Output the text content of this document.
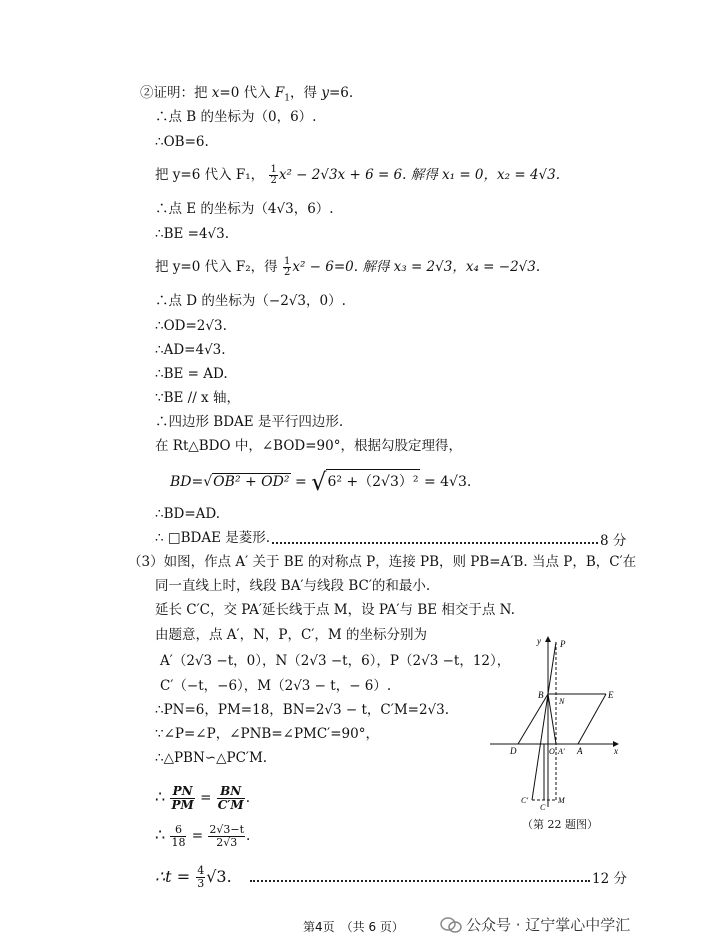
②证明：把 x=0 代入 $F_1$，得 y=6.
∴点 B 的坐标为（0，6）.
∴OB=6.
把 y=6 代入 F₁， $\frac{1}{2} x^2 - 2√3x + 6 = 6$. 解得 x₁ = 0，x₂ = 4√3.
∴点 E 的坐标为（4√3，6）.
∴BE =4√3.
把 y=0 代入 F₂，得 $\frac{1}{2} x^2 - 6=0$. 解得 x₃ = 2√3，x₄ = −2√3.
∴点 D 的坐标为（−2√3，0）.
∴OD=2√3.
∴AD=4√3.
∴BE = AD.
∵BE // x 轴，
∴四边形 BDAE 是平行四边形.
在 Rt△BDO 中，∠BOD=90°，根据勾股定理得，
BD=√OB² + OD² = √6² +（2√3）² = 4√3.
∴BD=AD.
∴ □BDAE 是菱形.	8 分
（3）如图，作点 A′ 关于 BE 的对称点 P，连接 PB，则 PB=A′B. 当点 P，B，C′在
同一直线上时，线段 BA′与线段 BC′的和最小.
延长 C′C，交 PA′延长线于点 M，设 PA′与 BE 相交于点 N.
由题意，点 A′，N，P，C′，M 的坐标分别为
A′（2√3 −t，0），N（2√3 −t，6），P（2√3 −t，12），
C′（−t，−6），M（2√3 − t，− 6）.
∴PN=6，PM=18，BN=2√3 − t，C′M=2√3.
∵∠P=∠P，∠PNB=∠PMC′=90°，
∴△PBN∽△PC′M.
∴ $\frac{PN}{PM} = \frac{BN}{C'M}$ .
∴ $\frac{6}{18} = \frac{2√3-t}{2√3}$ .
∴t = $\frac{4}{3} √3$.	12 分
y P
B
N
E
D	O A′ A	x
C′
C
M
（第 22 题图）
第4页　（共 6 页）	公众号 · 辽宁掌心中学汇
